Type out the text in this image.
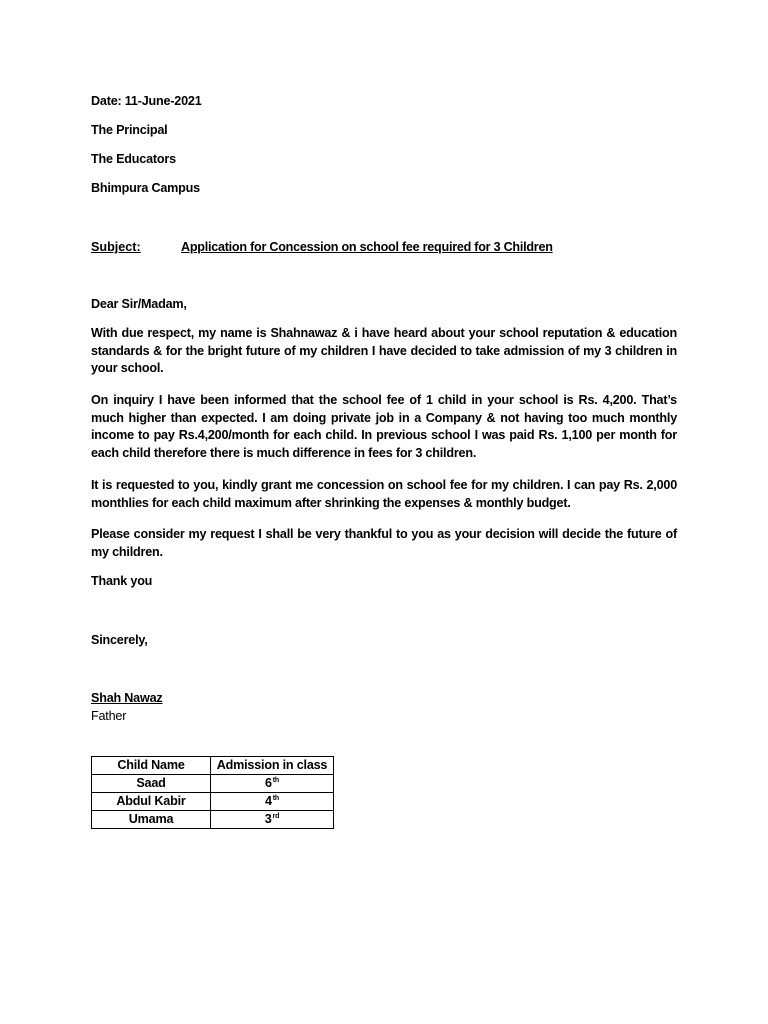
Date: 11-June-2021
The Principal
The Educators
Bhimpura Campus
Subject:	Application for Concession on school fee required for 3 Children
Dear Sir/Madam,
With due respect, my name is Shahnawaz & i have heard about your school reputation & education standards & for the bright future of my children I have decided to take admission of my 3 children in your school.
On inquiry I have been informed that the school fee of 1 child in your school is Rs. 4,200. That’s much higher than expected. I am doing private job in a Company & not having too much monthly income to pay Rs.4,200/month for each child. In previous school I was paid Rs. 1,100 per month for each child therefore there is much difference in fees for 3 children.
It is requested to you, kindly grant me concession on school fee for my children. I can pay Rs. 2,000 monthlies for each child maximum after shrinking the expenses & monthly budget.
Please consider my request I shall be very thankful to you as your decision will decide the future of my children.
Thank you
Sincerely,
Shah Nawaz
Father
Child Name	Admission in class
Saad	6th
Abdul Kabir	4th
Umama	3rd
